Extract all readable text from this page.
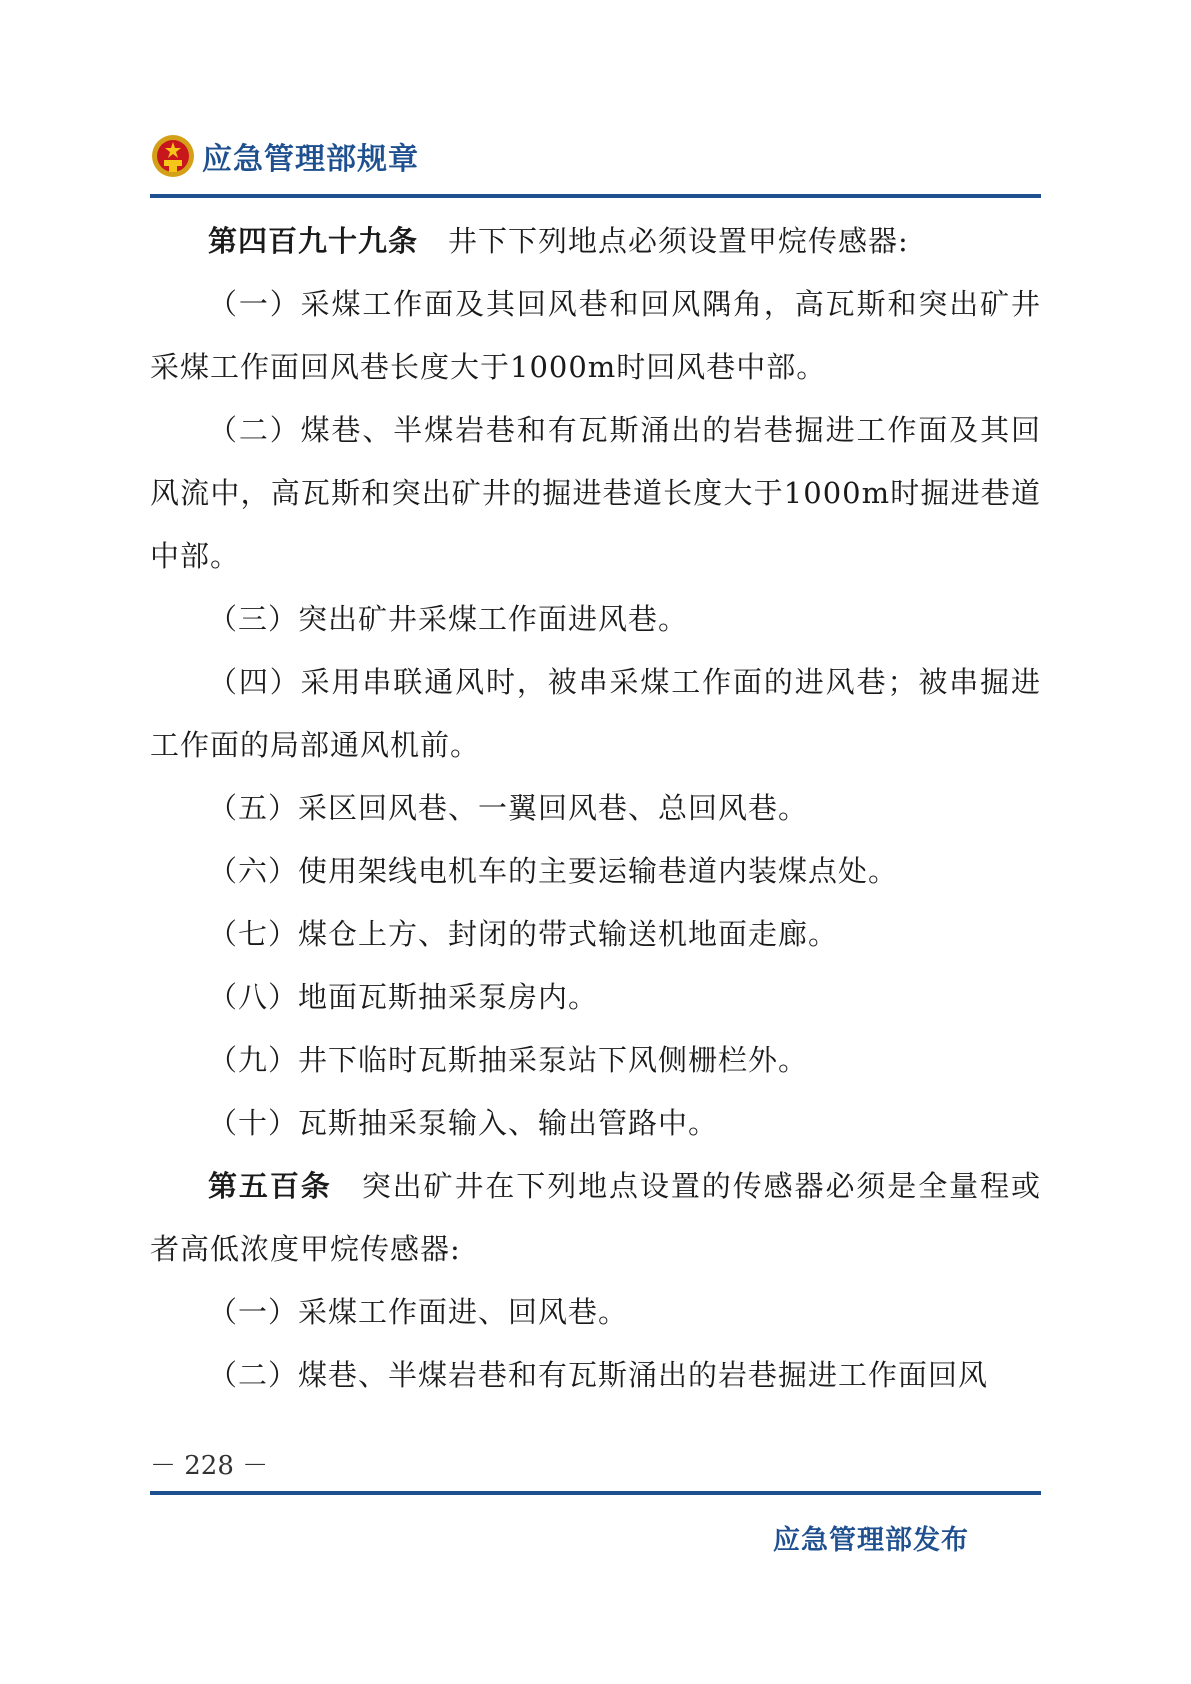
应急管理部规章

第四百九十九条 井下下列地点必须设置甲烷传感器:

（一）采煤工作面及其回风巷和回风隅角，高瓦斯和突出矿井采煤工作面回风巷长度大于1000m时回风巷中部。

（二）煤巷、半煤岩巷和有瓦斯涌出的岩巷掘进工作面及其回风流中，高瓦斯和突出矿井的掘进巷道长度大于1000m时掘进巷道中部。

（三）突出矿井采煤工作面进风巷。

（四）采用串联通风时，被串采煤工作面的进风巷；被串掘进工作面的局部通风机前。

（五）采区回风巷、一翼回风巷、总回风巷。

（六）使用架线电机车的主要运输巷道内装煤点处。

（七）煤仓上方、封闭的带式输送机地面走廊。

（八）地面瓦斯抽采泵房内。

（九）井下临时瓦斯抽采泵站下风侧栅栏外。

（十）瓦斯抽采泵输入、输出管路中。

第五百条 突出矿井在下列地点设置的传感器必须是全量程或者高低浓度甲烷传感器:

（一）采煤工作面进、回风巷。

（二）煤巷、半煤岩巷和有瓦斯涌出的岩巷掘进工作面回风

－ 228 －
应急管理部发布
